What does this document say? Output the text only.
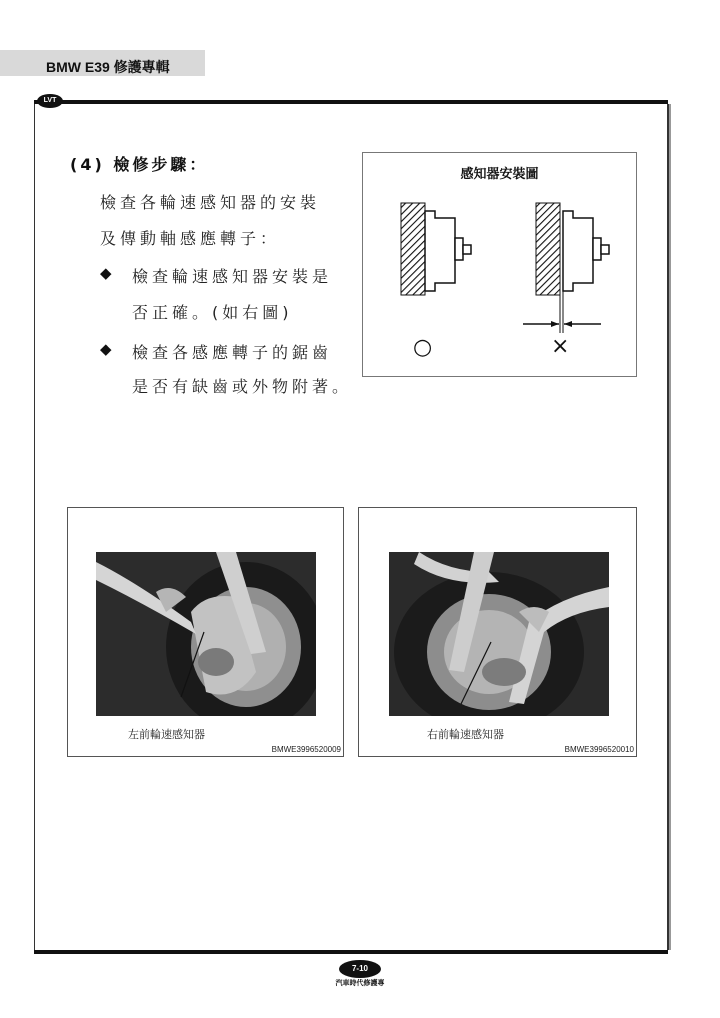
BMW E39 修護專輯
LVT
(4) 檢修步驟：
檢查各輪速感知器的安裝
及傳動軸感應轉子：
◆ 檢查輪速感知器安裝是
否正確。(如右圖)
◆ 檢查各感應轉子的鋸齒
是否有缺齒或外物附著。
感知器安裝圖
○	×
左前輪速感知器
BMWE3996520009
右前輪速感知器
BMWE3996520010
7-10
汽車時代修護專
